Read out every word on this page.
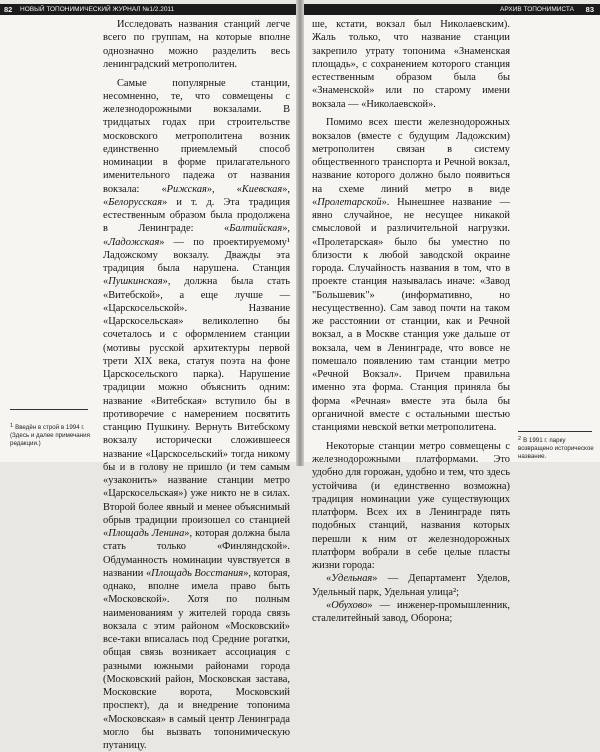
82 НОВЫЙ ТОПОНИМИЧЕСКИЙ ЖУРНАЛ №1/2.2011

Исследовать названия станций легче всего по группам, на которые вполне однозначно можно разделить весь ленинградский метрополитен.

Самые популярные станции, несомненно, те, что совмещены с железнодорожными вокзалами. В тридцатых годах при строительстве московского метрополитена возник единственно приемлемый способ номинации в форме прилагательного именительного падежа от названия вокзала: «Рижская», «Киевская», «Белорусская» и т. д. Эта традиция естественным образом была продолжена в Ленинграде: «Балтийская», «Ладожская» — по проектируемому¹ Ладожскому вокзалу. Дважды эта традиция была нарушена. Станция «Пушкинская», должна была стать «Витебской», а еще лучше — «Царскосельской». Название «Царскосельская» великолепно бы сочеталось и с оформлением станции (мотивы русской архитектуры первой трети XIX века, статуя поэта на фоне Царскосельского парка). Нарушение традиции можно объяснить одним: название «Витебская» вступило бы в противоречие с намерением посвятить станцию Пушкину. Вернуть Витебскому вокзалу исторически сложившееся название «Царскосельский» тогда никому бы и в голову не пришло (и тем самым «узаконить» название станции метро «Царскосельская») уже никто не в силах. Второй более явный и менее объяснимый обрыв традиции произошел со станцией «Площадь Ленина», которая должна была стать только «Финляндской». Обдуманность номинации чувствуется в названии «Площадь Восстания», которая, однако, вполне имела право быть «Московской». Хотя по полным наименованиям у жителей города связь вокзала с этим районом «Московский» все-таки вписалась под Средние рогатки, общая связь возникает ассоциация с разными южными районами города (Московский район, Московская застава, Московские ворота, Московский проспект), да и внедрение топонима «Московская» в самый центр Ленинграда могло бы вызвать топонимическую путаницу.

1 Введён в строй в 1994 г. (Здесь и далее примечания редакции.)
АРХИВ ТОПОНИМИСТА 83

ше, кстати, вокзал был Николаевским). Жаль только, что название станции закрепило утрату топонима «Знаменская площадь», с сохранением которого станция естественным образом была бы «Знаменской» или по старому имени вокзала — «Николаевской».

Помимо всех шести железнодорожных вокзалов (вместе с будущим Ладожским) метрополитен связан в систему общественного транспорта и Речной вокзал, название которого должно было появиться на схеме линий метро в виде «Пролетарской». Нынешнее название — явно случайное, не несущее никакой смысловой и различительной нагрузки. «Пролетарская» было бы уместно по близости к любой заводской окраине города. Случайность названия в том, что в проекте станция называлась иначе: «Завод "Большевик"» (информативно, но несущественно). Сам завод почти на таком же расстоянии от станции, как и Речной вокзал, а в Москве станция уже дальше от вокзала, чем в Ленинграде, что вовсе не помешало появлению там станции метро «Речной Вокзал». Причем правильна именно эта форма. Станция приняла бы форма «Речная» вместе эта была бы органичной вместе с остальными шестью станциями невской ветки метрополитена.

Некоторые станции метро совмещены с железнодорожными платформами. Это удобно для горожан, удобно и тем, что здесь устойчива (и единственно возможна) традиция номинации уже существующих платформ. Всех их в Ленинграде пять подобных станций, названия которых перешли к ним от железнодорожных платформ вобрали в себе целые пласты жизни города:

«Удельная» — Департамент Уделов, Удельный парк, Удельная улица²;

«Обухово» — инженер-промышленник, сталелитейный завод, Оборона;

2 В 1991 г. парку возвращено историческое название.
